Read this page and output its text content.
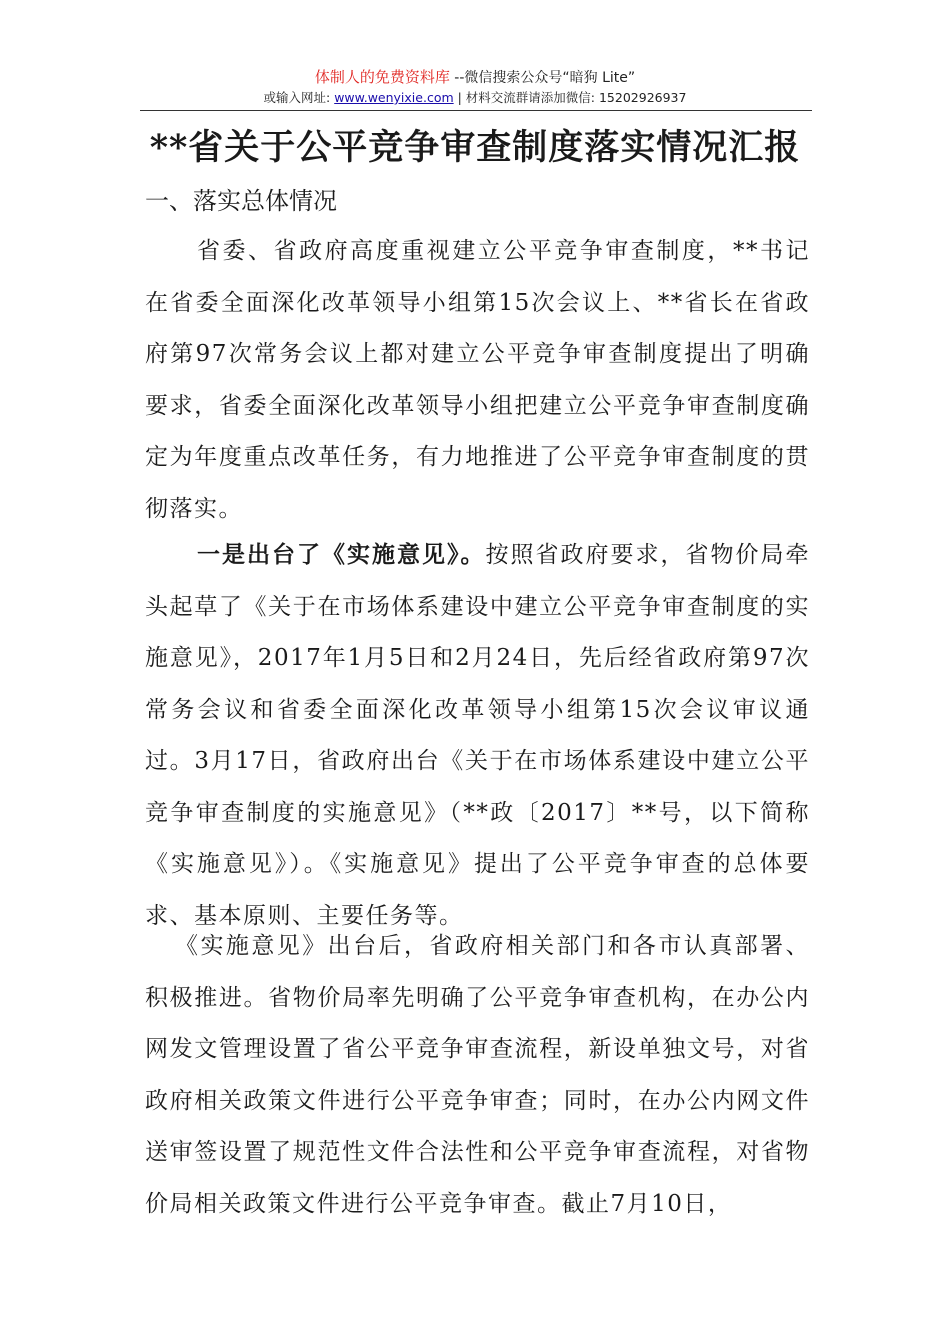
体制人的免费资料库 --微信搜索公众号“暗狗 Lite”
或输入网址: www.wenyixie.com | 材料交流群请添加微信: 15202926937
**省关于公平竞争审查制度落实情况汇报
一、落实总体情况

省委、省政府高度重视建立公平竞争审查制度，**书记在省委全面深化改革领导小组第15次会议上、**省长在省政府第97次常务会议上都对建立公平竞争审查制度提出了明确要求，省委全面深化改革领导小组把建立公平竞争审查制度确定为年度重点改革任务，有力地推进了公平竞争审查制度的贯彻落实。

一是出台了《实施意见》。按照省政府要求，省物价局牵头起草了《关于在市场体系建设中建立公平竞争审查制度的实施意见》，2017年1月5日和2月24日，先后经省政府第97次常务会议和省委全面深化改革领导小组第15次会议审议通过。3月17日，省政府出台《关于在市场体系建设中建立公平竞争审查制度的实施意见》（**政〔2017〕**号，以下简称《实施意见》）。《实施意见》提出了公平竞争审查的总体要求、基本原则、主要任务等。

《实施意见》出台后，省政府相关部门和各市认真部署、积极推进。省物价局率先明确了公平竞争审查机构，在办公内网发文管理设置了省公平竞争审查流程，新设单独文号，对省政府相关政策文件进行公平竞争审查；同时，在办公内网文件送审签设置了规范性文件合法性和公平竞争审查流程，对省物价局相关政策文件进行公平竞争审查。截止7月10日，
